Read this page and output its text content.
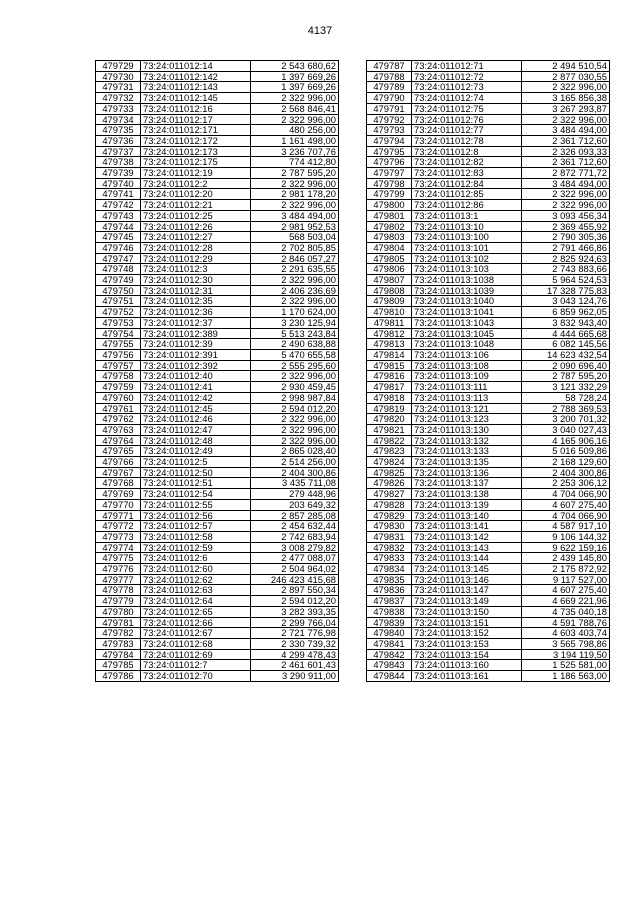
4137
479729	73:24:011012:14	2 543 680,62
479730	73:24:011012:142	1 397 669,26
479731	73:24:011012:143	1 397 669,26
479732	73:24:011012:145	2 322 996,00
479733	73:24:011012:16	2 568 846,41
479734	73:24:011012:17	2 322 996,00
479735	73:24:011012:171	480 256,00
479736	73:24:011012:172	1 161 498,00
479737	73:24:011012:173	3 236 707,76
479738	73:24:011012:175	774 412,80
479739	73:24:011012:19	2 787 595,20
479740	73:24:011012:2	2 322 996,00
479741	73:24:011012:20	2 981 178,20
479742	73:24:011012:21	2 322 996,00
479743	73:24:011012:25	3 484 494,00
479744	73:24:011012:26	2 981 952,53
479745	73:24:011012:27	568 503,04
479746	73:24:011012:28	2 702 805,85
479747	73:24:011012:29	2 846 057,27
479748	73:24:011012:3	2 291 635,55
479749	73:24:011012:30	2 322 996,00
479750	73:24:011012:31	2 406 236,69
479751	73:24:011012:35	2 322 996,00
479752	73:24:011012:36	1 170 624,00
479753	73:24:011012:37	3 230 125,94
479754	73:24:011012:389	5 513 243,84
479755	73:24:011012:39	2 490 638,88
479756	73:24:011012:391	5 470 655,58
479757	73:24:011012:392	2 555 295,60
479758	73:24:011012:40	2 322 996,00
479759	73:24:011012:41	2 930 459,45
479760	73:24:011012:42	2 998 987,84
479761	73:24:011012:45	2 594 012,20
479762	73:24:011012:46	2 322 996,00
479763	73:24:011012:47	2 322 996,00
479764	73:24:011012:48	2 322 996,00
479765	73:24:011012:49	2 865 028,40
479766	73:24:011012:5	2 514 256,00
479767	73:24:011012:50	2 404 300,86
479768	73:24:011012:51	3 435 711,08
479769	73:24:011012:54	279 448,96
479770	73:24:011012:55	203 649,32
479771	73:24:011012:56	2 857 285,08
479772	73:24:011012:57	2 454 632,44
479773	73:24:011012:58	2 742 683,94
479774	73:24:011012:59	3 008 279,82
479775	73:24:011012:6	2 477 088,07
479776	73:24:011012:60	2 504 964,02
479777	73:24:011012:62	246 423 415,68
479778	73:24:011012:63	2 897 550,34
479779	73:24:011012:64	2 594 012,20
479780	73:24:011012:65	3 282 393,35
479781	73:24:011012:66	2 299 766,04
479782	73:24:011012:67	2 721 776,98
479783	73:24:011012:68	2 330 739,32
479784	73:24:011012:69	4 299 478,43
479785	73:24:011012:7	2 461 601,43
479786	73:24:011012:70	3 290 911,00
479787	73:24:011012:71	2 494 510,54
479788	73:24:011012:72	2 877 030,55
479789	73:24:011012:73	2 322 996,00
479790	73:24:011012:74	3 165 856,38
479791	73:24:011012:75	3 267 293,87
479792	73:24:011012:76	2 322 996,00
479793	73:24:011012:77	3 484 494,00
479794	73:24:011012:78	2 361 712,60
479795	73:24:011012:8	2 326 093,33
479796	73:24:011012:82	2 361 712,60
479797	73:24:011012:83	2 872 771,72
479798	73:24:011012:84	3 484 494,00
479799	73:24:011012:85	2 322 996,00
479800	73:24:011012:86	2 322 996,00
479801	73:24:011013:1	3 093 456,34
479802	73:24:011013:10	2 369 455,92
479803	73:24:011013:100	2 790 305,36
479804	73:24:011013:101	2 791 466,86
479805	73:24:011013:102	2 825 924,63
479806	73:24:011013:103	2 743 883,66
479807	73:24:011013:1038	5 964 524,53
479808	73:24:011013:1039	17 328 775,83
479809	73:24:011013:1040	3 043 124,76
479810	73:24:011013:1041	6 859 962,05
479811	73:24:011013:1043	3 832 943,40
479812	73:24:011013:1045	4 444 665,68
479813	73:24:011013:1048	6 082 145,56
479814	73:24:011013:106	14 623 432,54
479815	73:24:011013:108	2 090 696,40
479816	73:24:011013:109	2 787 595,20
479817	73:24:011013:111	3 121 332,29
479818	73:24:011013:113	58 728,24
479819	73:24:011013:121	2 788 369,53
479820	73:24:011013:123	3 200 701,32
479821	73:24:011013:130	3 040 027,43
479822	73:24:011013:132	4 165 906,16
479823	73:24:011013:133	5 016 509,86
479824	73:24:011013:135	2 168 129,60
479825	73:24:011013:136	2 404 300,86
479826	73:24:011013:137	2 253 306,12
479827	73:24:011013:138	4 704 066,90
479828	73:24:011013:139	4 607 275,40
479829	73:24:011013:140	4 704 066,90
479830	73:24:011013:141	4 587 917,10
479831	73:24:011013:142	9 106 144,32
479832	73:24:011013:143	9 622 159,16
479833	73:24:011013:144	2 439 145,80
479834	73:24:011013:145	2 175 872,92
479835	73:24:011013:146	9 117 527,00
479836	73:24:011013:147	4 607 275,40
479837	73:24:011013:149	4 669 221,96
479838	73:24:011013:150	4 735 040,18
479839	73:24:011013:151	4 591 788,76
479840	73:24:011013:152	4 603 403,74
479841	73:24:011013:153	3 565 798,86
479842	73:24:011013:154	3 194 119,50
479843	73:24:011013:160	1 525 581,00
479844	73:24:011013:161	1 186 563,00
